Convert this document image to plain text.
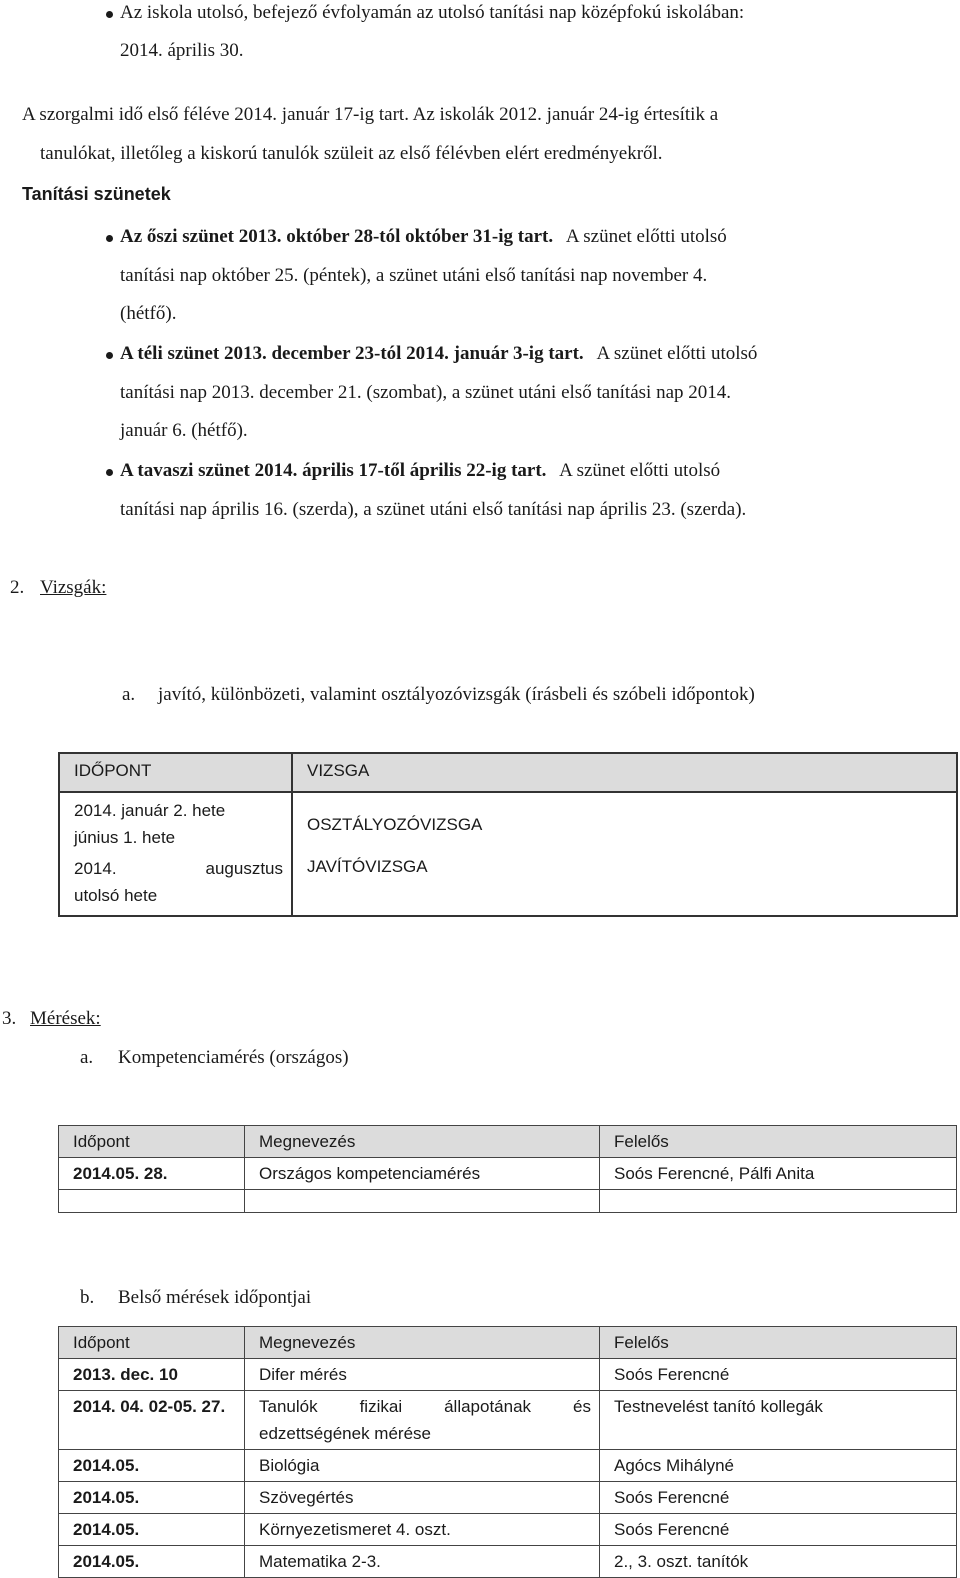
Az iskola utolsó, befejező évfolyamán az utolsó tanítási nap középfokú iskolában:
2014. április 30.
A szorgalmi idő első féléve 2014. január 17-ig tart. Az iskolák 2012. január 24-ig értesítik a
tanulókat, illetőleg a kiskorú tanulók szüleit az első félévben elért eredményekről.
Tanítási szünetek
Az őszi szünet 2013. október 28-tól október 31-ig tart. A szünet előtti utolsó
tanítási nap október 25. (péntek), a szünet utáni első tanítási nap november 4.
(hétfő).
A téli szünet 2013. december 23-tól 2014. január 3-ig tart. A szünet előtti utolsó
tanítási nap 2013. december 21. (szombat), a szünet utáni első tanítási nap 2014.
január 6. (hétfő).
A tavaszi szünet 2014. április 17-től április 22-ig tart. A szünet előtti utolsó
tanítási nap április 16. (szerda), a szünet utáni első tanítási nap április 23. (szerda).
2. Vizsgák:
a. javító, különbözeti, valamint osztályozóvizsgák (írásbeli és szóbeli időpontok)
IDŐPONT	VIZSGA

2014. január 2. hete
június 1. hete	OSZTÁLYOZÓVIZSGA

2014. augusztus
utolsó hete	JAVÍTÓVIZSGA
3. Mérések:
a. Kompetenciamérés (országos)
Időpont	Megnevezés	Felelős
2014.05. 28.	Országos kompetenciamérés	Soós Ferencné, Pálfi Anita

b. Belső mérések időpontjai
Időpont	Megnevezés	Felelős
2013. dec. 10	Difer mérés	Soós Ferencné
2014. 04. 02-05. 27.	Tanulók fizikai állapotának és edzettségének mérése	Testnevelést tanító kollegák
2014.05.	Biológia	Agócs Mihályné
2014.05.	Szövegértés	Soós Ferencné
2014.05.	Környezetismeret 4. oszt.	Soós Ferencné
2014.05.	Matematika 2-3.	2., 3. oszt. tanítók
